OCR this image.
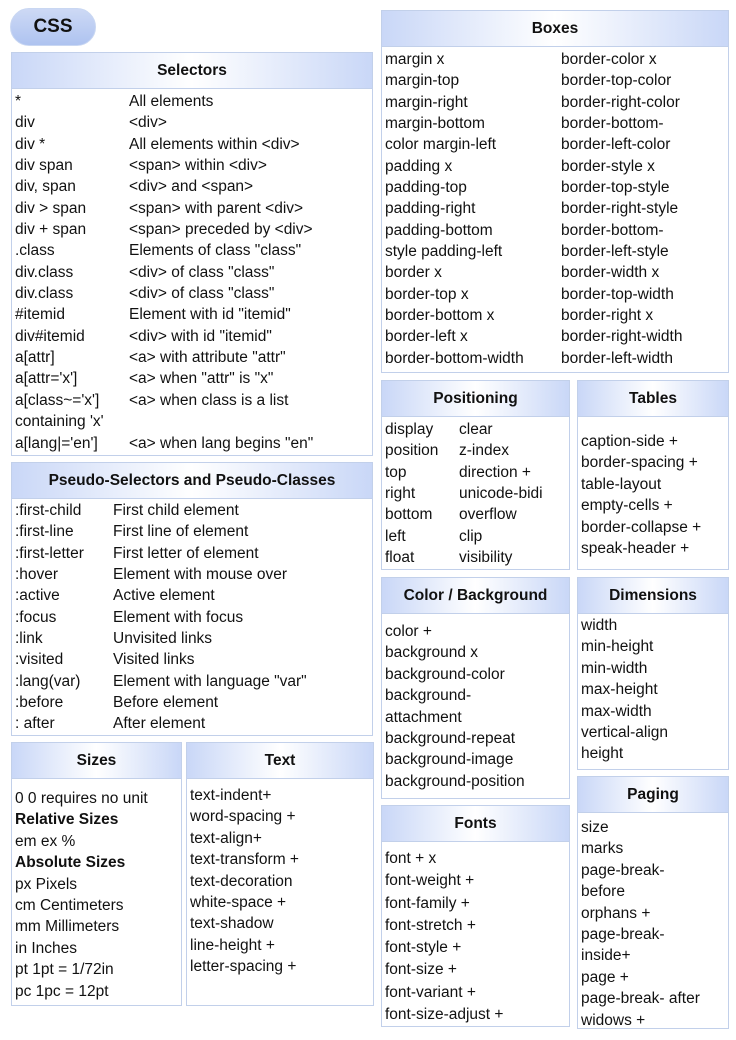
CSS
Selectors
*	All elements
div	<div>
div *	All elements within <div>
div span	<span> within <div>
div, span	<div> and <span>
div > span	<span> with parent <div>
div + span	<span> preceded by <div>
.class	Elements of class "class"
div.class	<div> of class "class"
div.class	<div> of class "class"
#itemid	Element with id "itemid"
div#itemid	<div> with id "itemid"
a[attr]	<a> with attribute "attr"
a[attr='x']	<a> when "attr" is "x"
a[class~='x'] <a> when class is a list
containing 'x'
a[lang|='en'] <a> when lang begins "en"
Pseudo-Selectors and Pseudo-Classes
:first-child First child element
:first-line	First line of element
:first-letter First letter of element
:hover	Element with mouse over
:active	Active element
:focus	Element with focus
:link	Unvisited links
:visited	Visited links
:lang(var) Element with language "var"
:before	Before element
: after	After element
Sizes
0 0 requires no unit
Relative Sizes
em ex %
Absolute Sizes
px Pixels
cm Centimeters
mm Millimeters
in Inches
pt 1pt = 1/72in
pc 1pc = 12pt
Text
text-indent+
word-spacing +
text-align+
text-transform +
text-decoration
white-space +
text-shadow
line-height +
letter-spacing +
Boxes
margin x	border-color x
margin-top	border-top-color
margin-right	border-right-color
margin-bottom	border-bottom-
color margin-left	border-left-color
padding x	border-style x
padding-top	border-top-style
padding-right	border-right-style
padding-bottom	border-bottom-
style padding-left	border-left-style
border x	border-width x
border-top x	border-top-width
border-bottom x	border-right x
border-left x	border-right-width
border-bottom-width border-left-width
Positioning
display clear
position z-index
top	direction +
right	unicode-bidi
bottom overflow
left	clip
float	visibility
Tables
caption-side +
border-spacing +
table-layout
empty-cells +
border-collapse +
speak-header +
Color / Background
color +
background x
background-color
background-
attachment
background-repeat
background-image
background-position
Dimensions
width
min-height
min-width
max-height
max-width
vertical-align
height
Fonts
font + x
font-weight +
font-family +
font-stretch +
font-style +
font-size +
font-variant +
font-size-adjust +
Paging
size
marks
page-break-
before
orphans +
page-break-
inside+
page +
page-break- after
widows +
